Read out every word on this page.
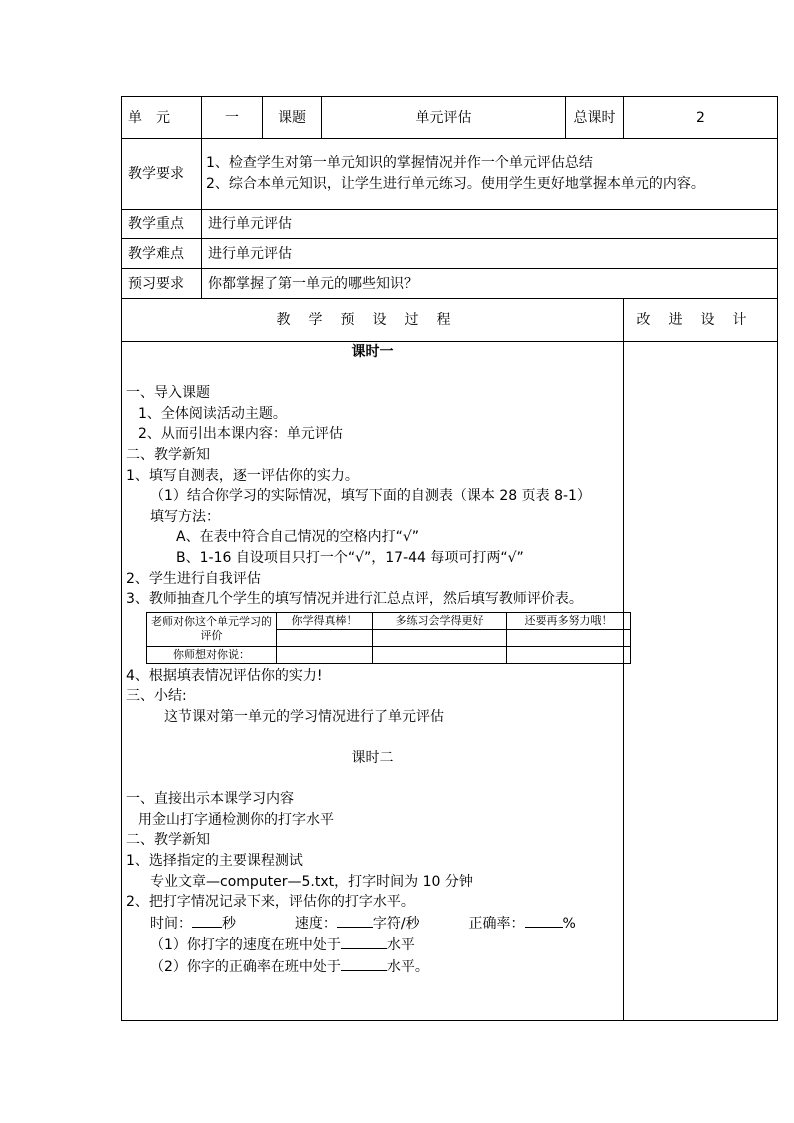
单　元	一	课题	单元评估	总课时	2
教学要求	
1、检查学生对第一单元知识的掌握情况并作一个单元评估总结
2、综合本单元知识，让学生进行单元练习。使用学生更好地掌握本单元的内容。

教学重点	进行单元评估
教学难点	进行单元评估
预习要求	你都掌握了第一单元的哪些知识？
教学预设过程	改进设计

课时一

一、导入课题
1、全体阅读活动主题。
2、从而引出本课内容：单元评估
二、教学新知
1、填写自测表，逐一评估你的实力。
（1）结合你学习的实际情况，填写下面的自测表（课本 28 页表 8-1）
填写方法：
A、在表中符合自己情况的空格内打“√”
B、1-16 自设项目只打一个“√”，17-44 每项可打两“√”
2、学生进行自我评估
3、教师抽查几个学生的填写情况并进行汇总点评，然后填写教师评价表。
老师对你这个单元学习的评价	你学得真棒！	多练习会学得更好	还要再多努力哦！

你师想对你说：			
4、根据填表情况评估你的实力!
三、小结:
这节课对第一单元的学习情况进行了单元评估

课时二

一、直接出示本课学习内容
用金山打字通检测你的打字水平
二、教学新知
1、选择指定的主要课程测试
专业文章—computer—5.txt，打字时间为 10 分钟
2、把打字情况记录下来，评估你的打字水平。
时间： 秒	速度：	字符/秒	正确率：	%
（1）你打字的速度在班中处于	水平
（2）你字的正确率在班中处于	水平。
